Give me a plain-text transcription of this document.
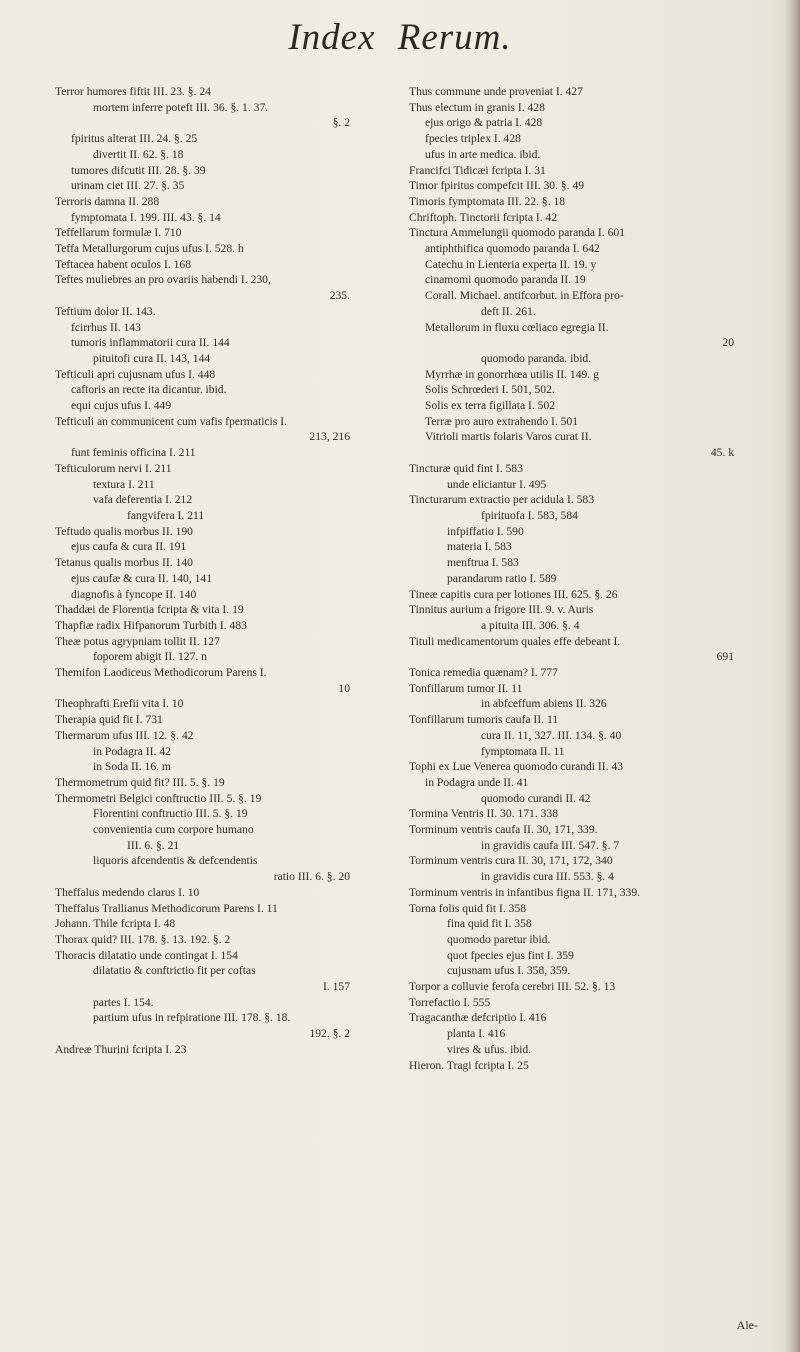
Index Rerum.
Terror humores fiftit III. 23. §. 24
mortem inferre poteft III. 36. §. 1. 37.
§. 2
fpiritus alterat III. 24. §. 25
divertit II. 62. §. 18
tumores difcutit III. 28. §. 39
urinam ciet III. 27. §. 35
Terroris damna II. 288
fymptomata I. 199. III. 43. §. 14
Teffellarum formulæ I. 710
Teffa Metallurgorum cujus ufus I. 528. h
Teftacea habent oculos I. 168
Teftes muliebres an pro ovariis habendi I. 230,
235.
Teftium dolor II. 143.
fcirrhus II. 143
tumoris inflammatorii cura II. 144
pituitofi cura II. 143, 144
Tefticuli apri cujusnam ufus I. 448
caftoris an recte ita dicantur. ibid.
equi cujus ufus I. 449
Tefticuli an communicent cum vafis fpermaticis I.
213, 216
funt feminis officina I. 211
Tefticulorum nervi I. 211
textura I. 211
vafa deferentia I. 212
fangvifera I. 211
Teftudo qualis morbus II. 190
ejus caufa & cura II. 191
Tetanus qualis morbus II. 140
ejus caufæ & cura II. 140, 141
diagnofis à fyncope II. 140
Thaddæi de Florentia fcripta & vita I. 19
Thapfiæ radix Hifpanorum Turbith I. 483
Theæ potus agrypniam tollit II. 127
foporem abigit II. 127. n
Themifon Laodiceus Methodicorum Parens I.
10
Theophrafti Erefii vita I. 10
Therapia quid fit I. 731
Thermarum ufus III. 12. §. 42
in Podagra II. 42
in Soda II. 16. m
Thermometrum quid fit? III. 5. §. 19
Thermometri Belgici conftructio III. 5. §. 19
Florentini conftructio III. 5. §. 19
convenientia cum corpore humano
III. 6. §. 21
liquoris afcendentis & defcendentis
ratio III. 6. §. 20
Theffalus medendo clarus I. 10
Theffalus Trallianus Methodicorum Parens I. 11
Johann. Thile fcripta I. 48
Thorax quid? III. 178. §. 13. 192. §. 2
Thoracis dilatatio unde contingat I. 154
dilatatio & conftrictio fit per coftas
I. 157
partes I. 154.
partium ufus in refpiratione III. 178. §. 18.
192. §. 2
Andreæ Thurini fcripta I. 23
Thus commune unde proveniat I. 427
Thus electum in granis I. 428
ejus origo & patria I. 428
fpecies triplex I. 428
ufus in arte medica. ibid.
Francifci Tidicæi fcripta I. 31
Timor fpiritus compefcit III. 30. §. 49
Timoris fymptomata III. 22. §. 18
Chriftoph. Tinctorii fcripta I. 42
Tinctura Ammelungii quomodo paranda I. 601
antiphthifica quomodo paranda I. 642
Catechu in Lienteria experta II. 19. y
cinamomi quomodo paranda II. 19
Corall. Michael. antifcorbut. in Effora pro-
deft II. 261.
Metallorum in fluxu cœliaco egregia II.
20
quomodo paranda. ibid.
Myrrhæ in gonorrhœa utilis II. 149. g
Solis Schrœderi I. 501, 502.
Solis ex terra figillata I. 502
Terræ pro auro extrahendo I. 501
Vitrioli martis folaris Varos curat II.
45. k
Tincturæ quid fint I. 583
unde eliciantur I. 495
Tincturarum extractio per acidula I. 583
fpirituofa I. 583, 584
infpiffatio I. 590
materia I. 583
menftrua I. 583
parandarum ratio I. 589
Tineæ capitis cura per lotiones III. 625. §. 26
Tinnitus aurium a frigore III. 9. v. Auris
a pituita III. 306. §. 4
Tituli medicamentorum quales effe debeant I.
691
Tonica remedia quænam? I. 777
Tonfillarum tumor II. 11
in abfceffum abiens II. 326
Tonfillarum tumoris caufa II. 11
cura II. 11, 327. III. 134. §. 40
fymptomata II. 11
Tophi ex Lue Venerea quomodo curandi II. 43
in Podagra unde II. 41
quomodo curandi II. 42
Tormina Ventris II. 30. 171. 338
Torminum ventris caufa II. 30, 171, 339.
in gravidis caufa III. 547. §. 7
Torminum ventris cura II. 30, 171, 172, 340
in gravidis cura III. 553. §. 4
Torminum ventris in infantibus figna II. 171, 339.
Torna folis quid fit I. 358
fina quid fit I. 358
quomodo paretur ibid.
quot fpecies ejus fint I. 359
cujusnam ufus I. 358, 359.
Torpor a colluvie ferofa cerebri III. 52. §. 13
Torrefactio I. 555
Tragacanthæ defcriptio I. 416
planta I. 416
vires & ufus. ibid.
Hieron. Tragi fcripta I. 25
Ale-
